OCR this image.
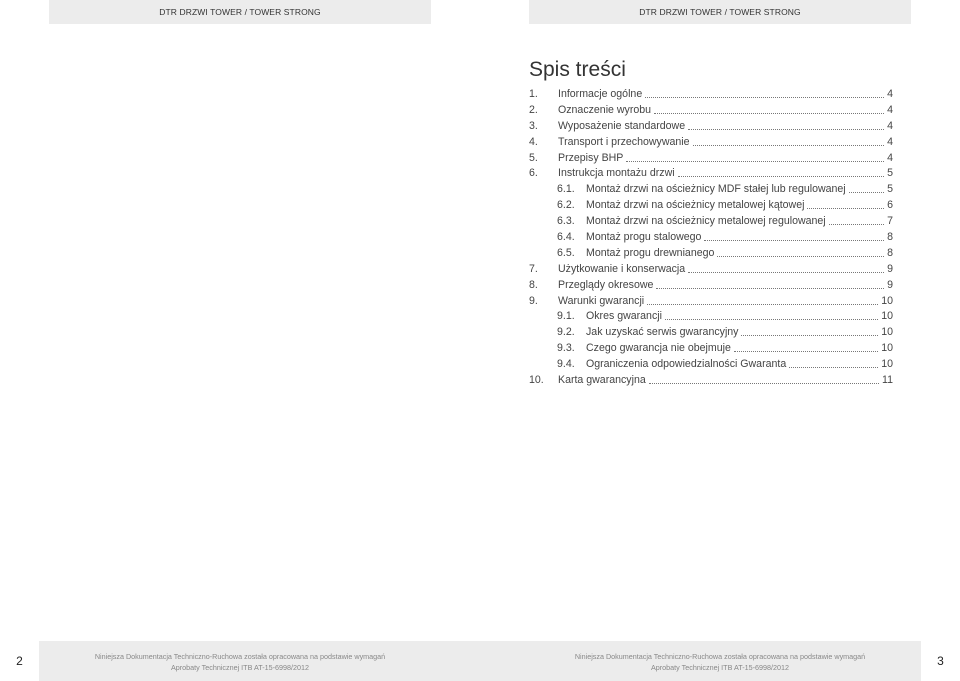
DTR DRZWI TOWER / TOWER STRONG	DTR DRZWI TOWER / TOWER STRONG
Spis treści
1.	Informacje ogólne	4
2.	Oznaczenie wyrobu	4
3.	Wyposażenie standardowe	4
4.	Transport i przechowywanie	4
5.	Przepisy BHP	4
6.	Instrukcja montażu drzwi	5
6.1.	Montaż drzwi na ościeżnicy MDF stałej lub regulowanej	5
6.2.	Montaż drzwi na ościeżnicy metalowej kątowej	6
6.3.	Montaż drzwi na ościeżnicy metalowej regulowanej	7
6.4.	Montaż progu stalowego	8
6.5.	Montaż progu drewnianego	8
7.	Użytkowanie i konserwacja	9
8.	Przeglądy okresowe	9
9.	Warunki gwarancji	10
9.1.	Okres gwarancji	10
9.2.	Jak uzyskać serwis gwarancyjny	10
9.3.	Czego gwarancja nie obejmuje	10
9.4.	Ograniczenia odpowiedzialności Gwaranta	10
10.	Karta gwarancyjna	11
2	Niniejsza Dokumentacja Techniczno-Ruchowa została opracowana na podstawie wymagań
Aprobaty Technicznej ITB AT-15-6998/2012
Niniejsza Dokumentacja Techniczno-Ruchowa została opracowana na podstawie wymagań
Aprobaty Technicznej ITB AT-15-6998/2012	3
